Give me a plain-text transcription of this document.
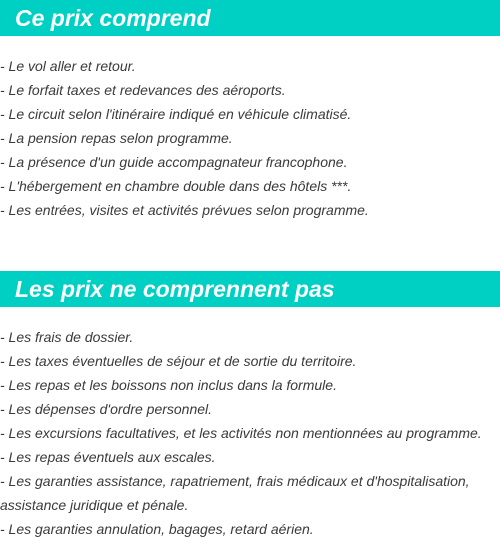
Ce prix comprend
- Le vol aller et retour.
- Le forfait taxes et redevances des aéroports.
- Le circuit selon l'itinéraire indiqué en véhicule climatisé.
- La pension repas selon programme.
- La présence d'un guide accompagnateur francophone.
- L'hébergement en chambre double dans des hôtels ***.
- Les entrées, visites et activités prévues selon programme.
Les prix ne comprennent pas
- Les frais de dossier.
- Les taxes éventuelles de séjour et de sortie du territoire.
- Les repas et les boissons non inclus dans la formule.
- Les dépenses d'ordre personnel.
- Les excursions facultatives, et les activités non mentionnées au programme.
- Les repas éventuels aux escales.
- Les garanties assistance, rapatriement, frais médicaux et d'hospitalisation, assistance juridique et pénale.
- Les garanties annulation, bagages, retard aérien.
